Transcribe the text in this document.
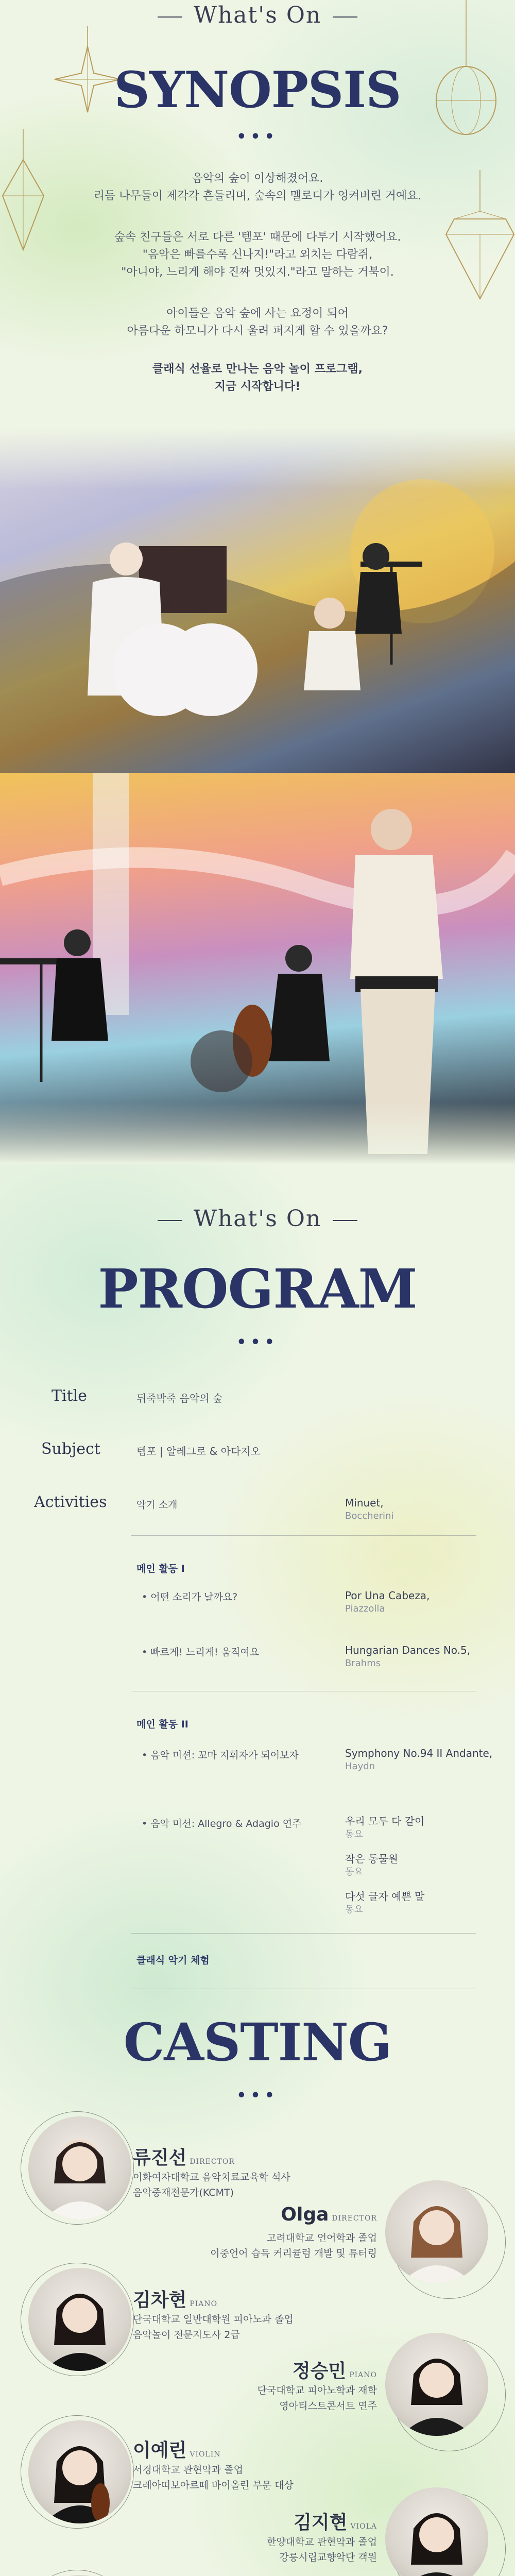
What's On
SYNOPSIS
•••
음악의 숲이 이상해졌어요.
리듬 나무들이 제각각 흔들리며, 숲속의 멜로디가 엉켜버린 거예요.
숲속 친구들은 서로 다른 '템포' 때문에 다투기 시작했어요.
"음악은 빠를수록 신나지!"라고 외치는 다람쥐,
"아니야, 느리게 해야 진짜 멋있지."라고 말하는 거북이.
아이들은 음악 숲에 사는 요정이 되어
아름다운 하모니가 다시 울려 퍼지게 할 수 있을까요?
클래식 선율로 만나는 음악 놀이 프로그램,
지금 시작합니다!
What's On
PROGRAM
•••
Title	뒤죽박죽 음악의 숲
Subject	템포 | 알레그로 & 아다지오
Activities	악기 소개	Minuet,
Boccherini
메인 활동 I
• 어떤 소리가 날까요?	Por Una Cabeza,
Piazzolla
• 빠르게! 느리게! 움직여요	Hungarian Dances No.5,
Brahms
메인 활동 II
• 음악 미션: 꼬마 지휘자가 되어보자	Symphony No.94 II Andante,
Haydn
• 음악 미션: Allegro & Adagio 연주	우리 모두 다 같이
동요
작은 동물원
동요
다섯 글자 예쁜 말
동요
클래식 악기 체험
CASTING
•••
류진선 DIRECTOR
이화여자대학교 음악치료교육학 석사
음악중재전문가(KCMT)
Olga DIRECTOR
고려대학교 언어학과 졸업
이중언어 습득 커리큘럼 개발 및 튜터링
김차현 PIANO
단국대학교 일반대학원 피아노과 졸업
음악놀이 전문지도사 2급
정승민 PIANO
단국대학교 피아노학과 재학
영아티스트콘서트 연주
이예린 VIOLIN
서경대학교 관현악과 졸업
크레아띠보아르떼 바이올린 부문 대상
김지현 VIOLA
한양대학교 관현악과 졸업
강릉시립교향악단 객원
